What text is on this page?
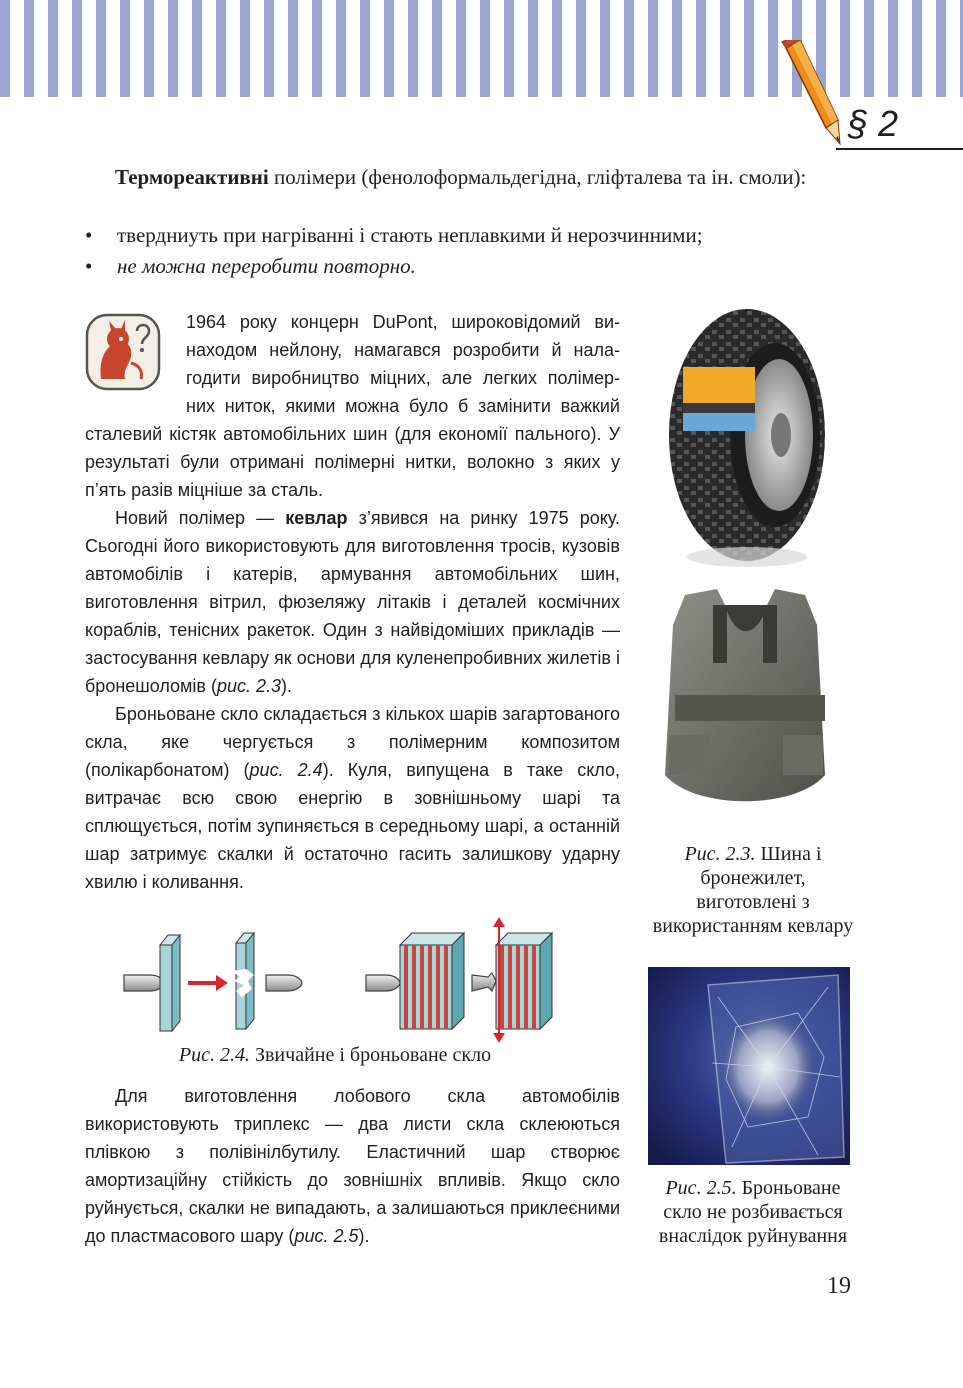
§ 2
Термореактивні полімери (фенолоформальдегідна, гліфталева та ін. смоли):
• твердниуть при нагріванні і стають неплавкими й нерозчинними;
• не можна переробити повторно.
1964 року концерн DuPont, широковідомий ви-
находом нейлону, намагався розробити й нала-
годити виробництво міцних, але легких полімер-
них ниток, якими можна було б замінити важкий
сталевий кістяк автомобільних шин (для економії пального). У результаті були отримані полімерні нитки, волокно з яких у п’ять разів міцніше за сталь.
Новий полімер — кевлар з’явився на ринку 1975 року. Сьогодні його використовують для виготовлення тросів, кузовів автомобілів і катерів, армування автомобільних шин, виготовлення вітрил, фюзеляжу літаків і деталей космічних кораблів, тенісних ракеток. Один з найвідоміших прикладів — застосування кевлару як основи для куленепробивних жилетів і бронешоломів (рис. 2.3).
Броньоване скло складається з кількох шарів загартованого скла, яке чергується з полімерним композитом (полікарбонатом) (рис. 2.4). Куля, випущена в таке скло, витрачає всю свою енергію в зовнішньому шарі та сплющується, потім зупиняється в середньому шарі, а останній шар затримує скалки й остаточно гасить залишкову ударну хвилю і коливання.
Рис. 2.3. Шина і бронежилет, виготовлені з використанням кевлару
Рис. 2.4. Звичайне і броньоване скло
Для виготовлення лобового скла автомобілів використовують триплекс — два листи скла склеюються плівкою з полівінілбутилу. Еластичний шар створює амортизаційну стійкість до зовнішніх впливів. Якщо скло руйнується, скалки не випадають, а залишаються приклеєними до пластмасового шару (рис. 2.5).
Рис. 2.5. Броньоване скло не розбивається внаслідок руйнування
19
